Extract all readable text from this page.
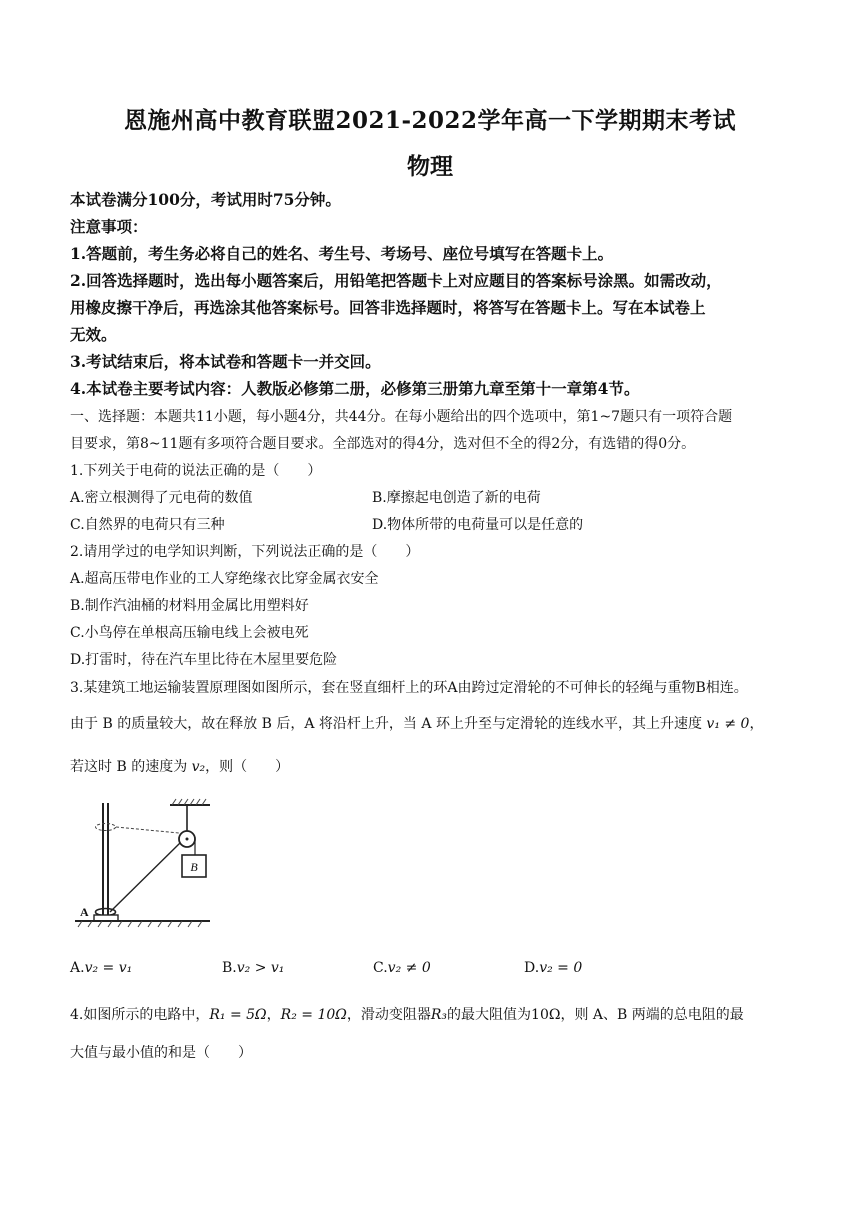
恩施州高中教育联盟2021-2022学年高一下学期期末考试
物理
本试卷满分100分，考试用时75分钟。
注意事项：
1.答题前，考生务必将自己的姓名、考生号、考场号、座位号填写在答题卡上。
2.回答选择题时，选出每小题答案后，用铅笔把答题卡上对应题目的答案标号涂黑。如需改动，
用橡皮擦干净后，再选涂其他答案标号。回答非选择题时，将答写在答题卡上。写在本试卷上
无效。
3.考试结束后，将本试卷和答题卡一并交回。
4.本试卷主要考试内容：人教版必修第二册，必修第三册第九章至第十一章第4节。
一、选择题：本题共11小题，每小题4分，共44分。在每小题给出的四个选项中，第1~7题只有一项符合题
目要求，第8~11题有多项符合题目要求。全部选对的得4分，选对但不全的得2分，有选错的得0分。
1.下列关于电荷的说法正确的是（　　）
A.密立根测得了元电荷的数值	B.摩擦起电创造了新的电荷
C.自然界的电荷只有三种	D.物体所带的电荷量可以是任意的
2.请用学过的电学知识判断，下列说法正确的是（　　）
A.超高压带电作业的工人穿绝缘衣比穿金属衣安全
B.制作汽油桶的材料用金属比用塑料好
C.小鸟停在单根高压输电线上会被电死
D.打雷时，待在汽车里比待在木屋里要危险
3.某建筑工地运输装置原理图如图所示，套在竖直细杆上的环A由跨过定滑轮的不可伸长的轻绳与重物B相连。
由于 B 的质量较大，故在释放 B 后，A 将沿杆上升，当 A 环上升至与定滑轮的连线水平，其上升速度 v₁ ≠ 0，
若这时 B 的速度为 v₂，则（　　）
B
A
A.v₂ = v₁	B.v₂ > v₁	C.v₂ ≠ 0	D.v₂ = 0
4.如图所示的电路中，R₁ = 5Ω，R₂ = 10Ω，滑动变阻器R₃的最大阻值为10Ω，则 A、B 两端的总电阻的最
大值与最小值的和是（　　）
